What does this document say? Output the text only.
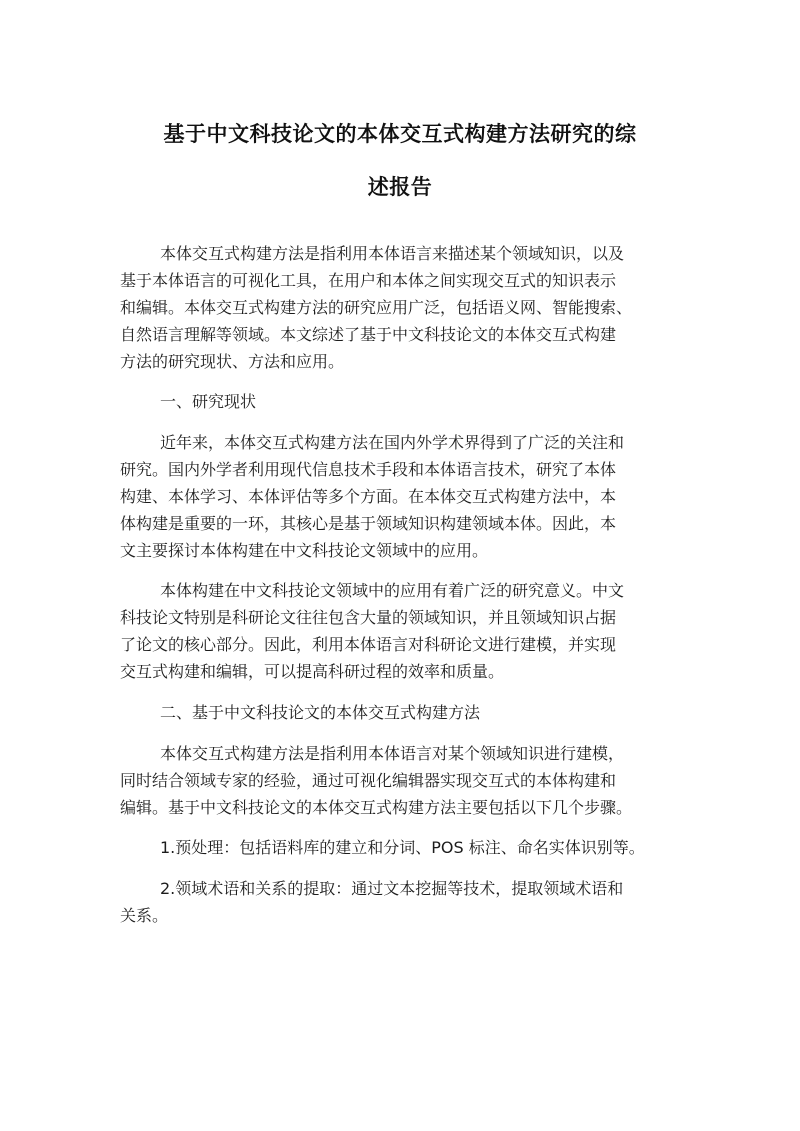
基于中文科技论文的本体交互式构建方法研究的综
述报告
本体交互式构建方法是指利用本体语言来描述某个领域知识，以及
基于本体语言的可视化工具，在用户和本体之间实现交互式的知识表示
和编辑。本体交互式构建方法的研究应用广泛，包括语义网、智能搜索、
自然语言理解等领域。本文综述了基于中文科技论文的本体交互式构建
方法的研究现状、方法和应用。
一、研究现状
近年来，本体交互式构建方法在国内外学术界得到了广泛的关注和
研究。国内外学者利用现代信息技术手段和本体语言技术，研究了本体
构建、本体学习、本体评估等多个方面。在本体交互式构建方法中，本
体构建是重要的一环，其核心是基于领域知识构建领域本体。因此，本
文主要探讨本体构建在中文科技论文领域中的应用。
本体构建在中文科技论文领域中的应用有着广泛的研究意义。中文
科技论文特别是科研论文往往包含大量的领域知识，并且领域知识占据
了论文的核心部分。因此，利用本体语言对科研论文进行建模，并实现
交互式构建和编辑，可以提高科研过程的效率和质量。
二、基于中文科技论文的本体交互式构建方法
本体交互式构建方法是指利用本体语言对某个领域知识进行建模，
同时结合领域专家的经验，通过可视化编辑器实现交互式的本体构建和
编辑。基于中文科技论文的本体交互式构建方法主要包括以下几个步骤。
1.预处理：包括语料库的建立和分词、POS 标注、命名实体识别等。
2.领域术语和关系的提取：通过文本挖掘等技术，提取领域术语和
关系。
